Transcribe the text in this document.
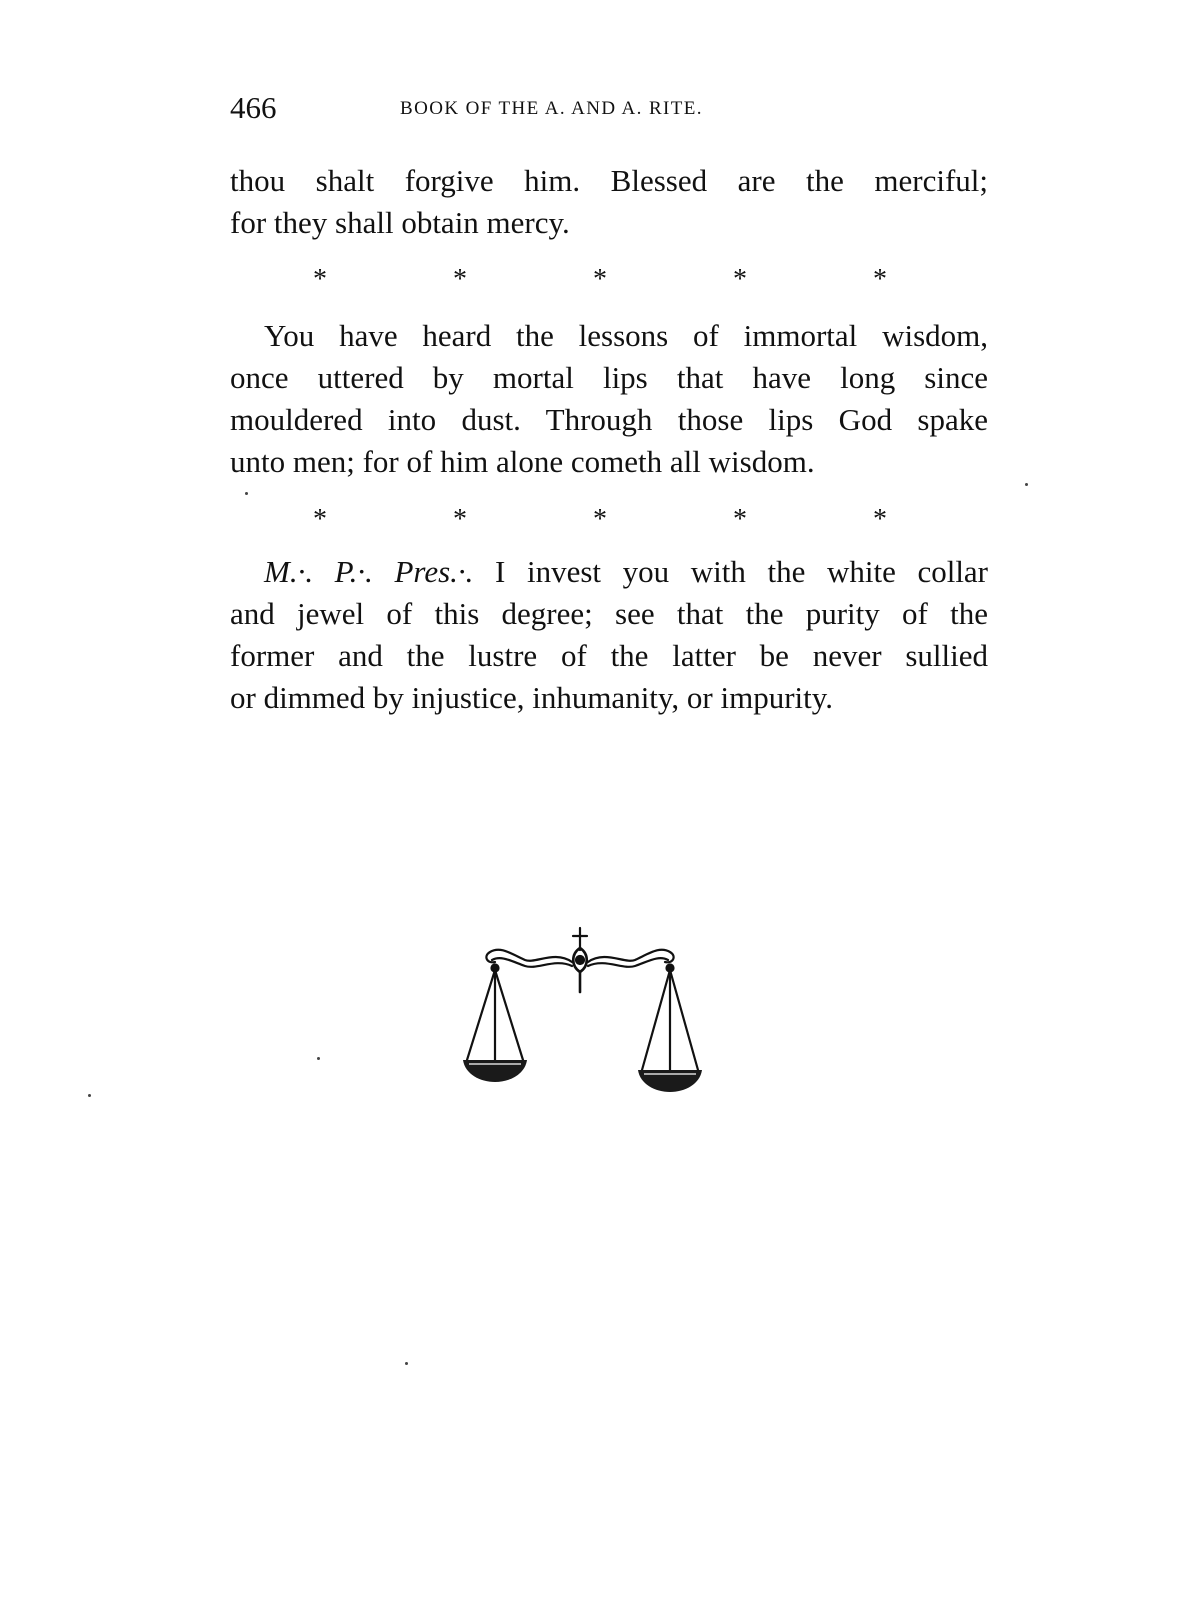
466	BOOK OF THE A. AND A. RITE.

thou shalt forgive him. Blessed are the merciful;
for they shall obtain mercy.

*	*	*	*	*

You have heard the lessons of immortal wisdom,
once uttered by mortal lips that have long since
mouldered into dust. Through those lips God spake
unto men; for of him alone cometh all wisdom.

*	*	*	*	*

M.·. P.·. Pres.·. I invest you with the white collar
and jewel of this degree; see that the purity of the
former and the lustre of the latter be never sullied
or dimmed by injustice, inhumanity, or impurity.
